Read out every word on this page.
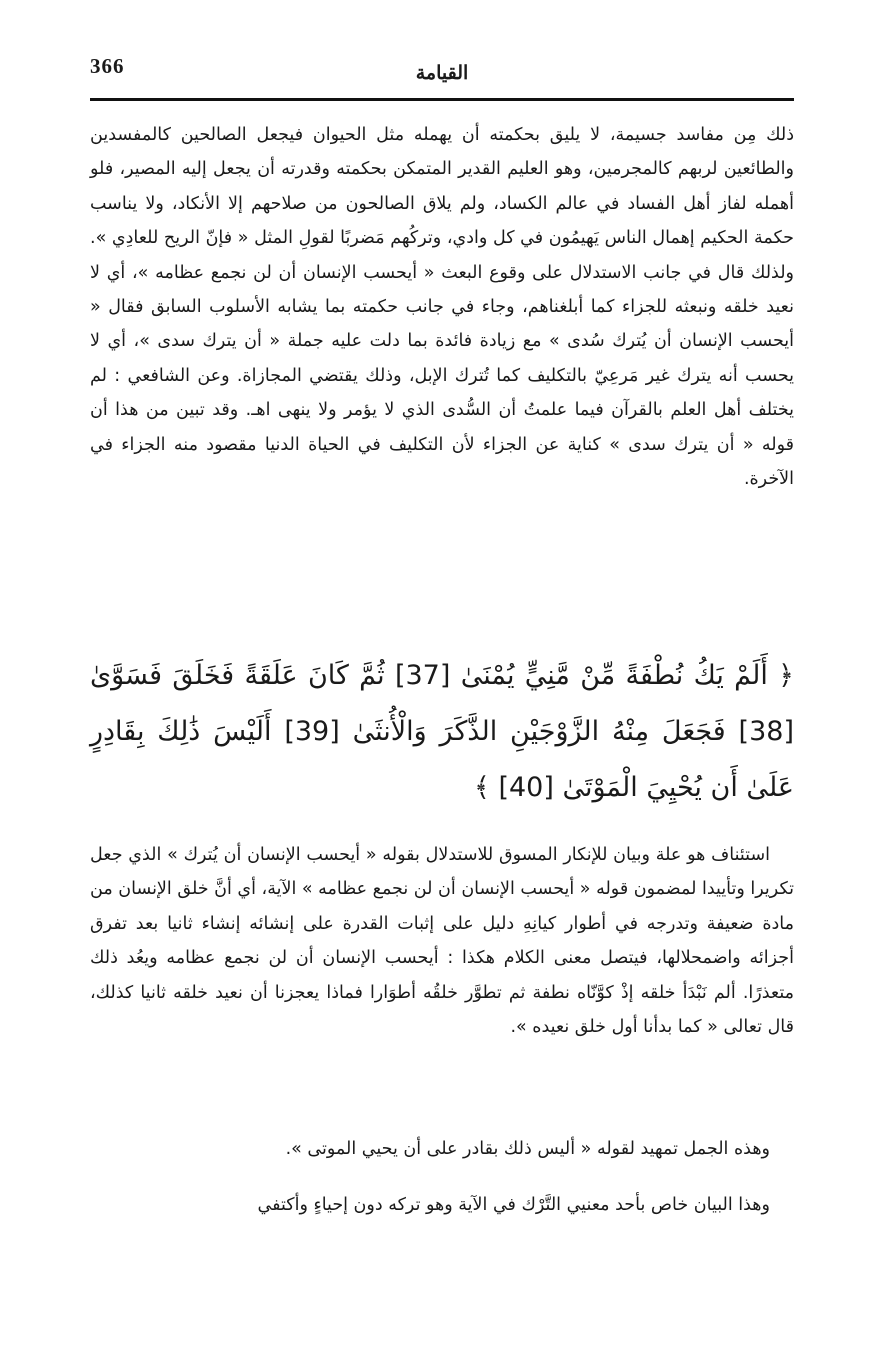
366	القيامة
ذلك مِن مفاسد جسيمة، لا يليق بحكمته أن يهمله مثل الحيوان فيجعل الصالحين كالمفسدين والطائعين لربهم كالمجرمين، وهو العليم القدير المتمكن بحكمته وقدرته أن يجعل إليه المصير، فلو أهمله لفاز أهل الفساد في عالم الكساد، ولم يلاق الصالحون من صلاحهم إلا الأنكاد، ولا يناسب حكمة الحكيم إهمال الناس يَهيمُون في كل وادي، وتركُهم مَضربًا لقولِ المثل « فإنّ الريح للعادِي ». ولذلك قال في جانب الاستدلال على وقوع البعث « أيحسب الإنسان أن لن نجمع عظامه »، أي لا نعيد خلقه ونبعثه للجزاء كما أبلغناهم، وجاء في جانب حكمته بما يشابه الأسلوب السابق فقال « أيحسب الإنسان أن يُترك سُدى » مع زيادة فائدة بما دلت عليه جملة « أن يترك سدى »، أي لا يحسب أنه يترك غير مَرعِيّ بالتكليف كما تُترك الإبل، وذلك يقتضي المجازاة. وعن الشافعي : لم يختلف أهل العلم بالقرآن فيما علمتُ أن السُّدى الذي لا يؤمر ولا ينهى اهـ. وقد تبين من هذا أن قوله « أن يترك سدى » كناية عن الجزاء لأن التكليف في الحياة الدنيا مقصود منه الجزاء في الآخرة.
﴿ أَلَمْ يَكُ نُطْفَةً مِّنْ مَّنِيٍّ يُمْنَىٰ [37] ثُمَّ كَانَ عَلَقَةً فَخَلَقَ فَسَوَّىٰ [38] فَجَعَلَ مِنْهُ الزَّوْجَيْنِ الذَّكَرَ وَالْأُنثَىٰ [39] أَلَيْسَ ذَٰلِكَ بِقَادِرٍ عَلَىٰ أَن يُحْيِيَ الْمَوْتَىٰ [40] ﴾
استئناف هو علة وبيان للإنكار المسوق للاستدلال بقوله « أيحسب الإنسان أن يُترك » الذي جعل تكريرا وتأييدا لمضمون قوله « أيحسب الإنسان أن لن نجمع عظامه » الآية، أي أنَّ خلق الإنسان من مادة ضعيفة وتدرجه في أطوار كيانِهِ دليل على إثبات القدرة على إنشائه إنشاء ثانيا بعد تفرق أجزائه واضمحلالها، فيتصل معنى الكلام هكذا : أيحسب الإنسان أن لن نجمع عظامه ويعُد ذلك متعذرًا. ألم نَبْدَأ خلقه إذْ كوَّنّاه نطفة ثم تطوَّر خلقُه أطوَارا فماذا يعجزنا أن نعيد خلقه ثانيا كذلك، قال تعالى « كما بدأنا أول خلق نعيده ».
وهذه الجمل تمهيد لقوله « أليس ذلك بقادر على أن يحيي الموتى ».
وهذا البيان خاص بأحد معنيي التَّرْك في الآية وهو تركه دون إحياءٍ وأكتفي
